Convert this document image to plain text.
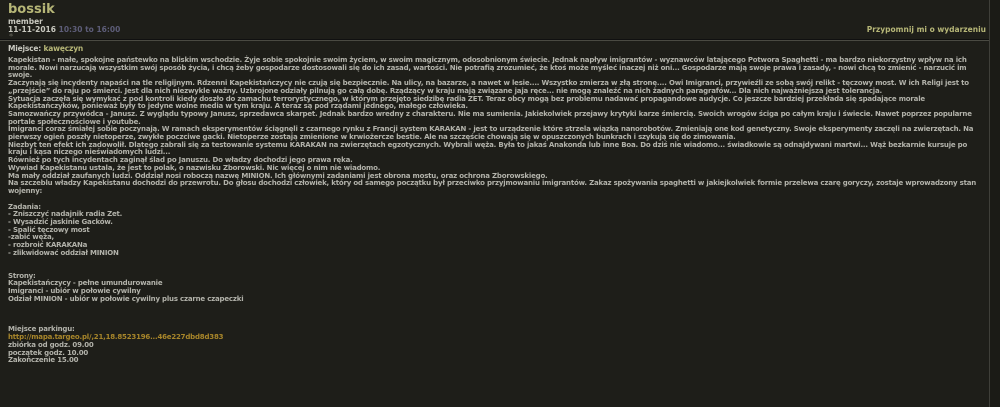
bossik
member
11-11-2016 10:30 to 16:00
*
Przypomnij mi o wydarzeniu
Miejsce: kawęczyn

Kapekistan - małe, spokojne państewko na bliskim wschodzie. Żyje sobie spokojnie swoim życiem, w swoim magicznym, odosobnionym świecie. Jednak napływ imigrantów - wyznawców latającego Potwora Spaghetti - ma bardzo niekorzystny wpływ na ich morale. Nowi narzucają wszystkim swój sposób życia, i chcą żeby gospodarze dostosowali się do ich zasad, wartości. Nie potrafią zrozumieć, że ktoś może myśleć inaczej niż oni... Gospodarze mają swoje prawa i zasady, - nowi chcą to zmienić - narzucić im swoje.

Zaczynają się incydenty napaści na tle religijnym. Rdzenni Kapekistańczycy nie czują się bezpiecznie. Na ulicy, na bazarze, a nawet w lesie.... Wszystko zmierza w złą stronę.... Owi Imigranci, przywieźli ze sobą swój relikt - tęczowy most. W ich Religi jest to „przejście” do raju po śmierci. Jest dla nich niezwykle ważny. Uzbrojone odziały pilnują go całą dobę. Rządzący w kraju mają związane jaja ręce... nie mogą znaleźć na nich żadnych paragrafów... Dla nich najważniejsza jest tolerancja.

Sytuacja zaczęła się wymykać z pod kontroli kiedy doszło do zamachu terrorystycznego, w którym przejęto siedzibę radia ZET. Teraz obcy mogą bez problemu nadawać propagandowe audycje. Co jeszcze bardziej przekłada się spadające morale Kapekistańczyków, ponieważ były to jedyne wolne media w tym kraju. A teraz są pod rządami jednego, małego człowieka.

Samozwańczy przywódca - Janusz. Z wyglądu typowy Janusz, sprzedawca skarpet. Jednak bardzo wredny z charakteru. Nie ma sumienia. Jakiekolwiek przejawy krytyki karze śmiercią. Swoich wrogów ściga po całym kraju i świecie. Nawet poprzez popularne portale społecznościowe i youtube.

Imigranci coraz śmiałej sobie poczynają. W ramach eksperymentów ściągnęli z czarnego rynku z Francji system KARAKAN - jest to urządzenie które strzela wiązką nanorobotów. Zmieniają one kod genetyczny. Swoje eksperymenty zaczęli na zwierzętach. Na pierwszy ogień poszły nietoperze, zwykłe poczciwe gacki. Nietoperze zostają zmienione w krwiożercze bestie. Ale na szczęście chowają się w opuszczonych bunkrach i szykują się do zimowania.

Niezbyt ten efekt ich zadowolił. Dlatego zabrali się za testowanie systemu KARAKAN na zwierzętach egzotycznych. Wybrali węża. Była to jakaś Anakonda lub inne Boa. Do dziś nie wiadomo... świadkowie są odnajdywani martwi... Wąż bezkarnie kursuje po kraju i kąsa niczego nieświadomych ludzi...

Również po tych incydentach zaginął ślad po Januszu. Do władzy dochodzi jego prawa ręka.

Wywiad Kapekistanu ustala, że jest to polak, o nazwisku Zborowski. Nic więcej o nim nie wiadomo.

Ma mały oddział zaufanych ludzi. Oddział nosi roboczą nazwę MINION. Ich głównymi zadaniami jest obrona mostu, oraz ochrona Zborowskiego.

Na szczeblu władzy Kapekistanu dochodzi do przewrotu. Do głosu dochodzi człowiek, który od samego początku był przeciwko przyjmowaniu imigrantów. Zakaz spożywania spaghetti w jakiejkolwiek formie przelewa czarę goryczy, zostaje wprowadzony stan wojenny:

Zadania:
- Zniszczyć nadajnik radia Zet.
- Wysadzić jaskinie Gacków.
- Spalić tęczowy most
-zabić węża,
- rozbroić KARAKANa
- zlikwidować oddział MINION
Strony:
Kapekistańczycy - pełne umundurowanie
Imigranci - ubiór w połowie cywilny
Odział MINION - ubiór w połowie cywilny plus czarne czapeczki
Miejsce parkingu:
http://mapa.targeo.pl/,21,18.8523196...46e227dbd8d383
zbiórka od godz. 09.00
początek godz. 10.00
Zakończenie 15.00
